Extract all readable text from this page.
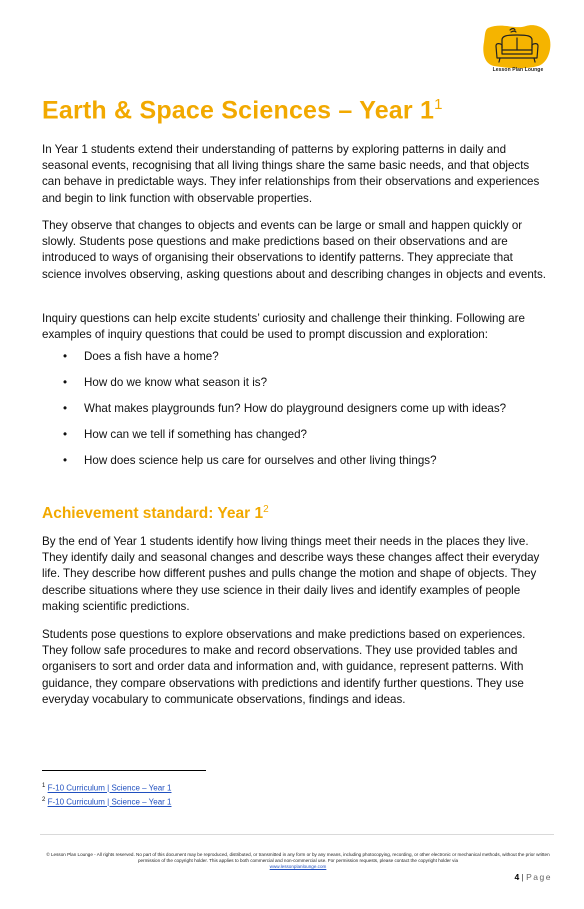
Lesson Plan Lounge
Earth & Space Sciences – Year $1^1$

In Year 1 students extend their understanding of patterns by exploring patterns in daily and seasonal events, recognising that all living things share the same basic needs, and that objects can behave in predictable ways. They infer relationships from their observations and experiences and begin to link function with observable properties.

They observe that changes to objects and events can be large or small and happen quickly or slowly. Students pose questions and make predictions based on their observations and are introduced to ways of organising their observations to identify patterns. They appreciate that science involves observing, asking questions about and describing changes in objects and events.

Inquiry questions can help excite students’ curiosity and challenge their thinking. Following are examples of inquiry questions that could be used to prompt discussion and exploration:

• Does a fish have a home?
• How do we know what season it is?
• What makes playgrounds fun? How do playground designers come up with ideas?
• How can we tell if something has changed?
• How does science help us care for ourselves and other living things?
Achievement standard: Year $1^2$

By the end of Year 1 students identify how living things meet their needs in the places they live. They identify daily and seasonal changes and describe ways these changes affect their everyday life. They describe how different pushes and pulls change the motion and shape of objects. They describe situations where they use science in their daily lives and identify examples of people making scientific predictions.

Students pose questions to explore observations and make predictions based on experiences. They follow safe procedures to make and record observations. They use provided tables and organisers to sort and order data and information and, with guidance, represent patterns. With guidance, they compare observations with predictions and identify further questions. They use everyday vocabulary to communicate observations, findings and ideas.

$^1$ F-10 Curriculum | Science – Year 1
$^2$ F-10 Curriculum | Science – Year 1
© Lesson Plan Lounge - All rights reserved. No part of this document may be reproduced, distributed, or transmitted in any form or by any means, including photocopying, recording, or other electronic or mechanical methods, without the prior written permission of the copyright holder. This applies to both commercial and non-commercial use. For permission requests, please contact the copyright holder via
www.lessonplanlounge.com
4 | Page
